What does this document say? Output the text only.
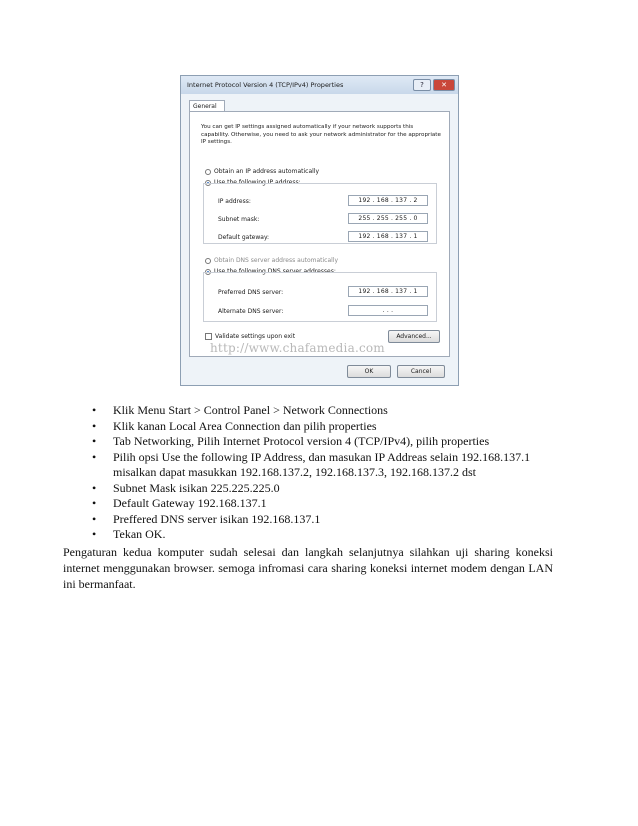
Internet Protocol Version 4 (TCP/IPv4) Properties	?	✕
General

You can get IP settings assigned automatically if your network supports this capability. Otherwise, you need to ask your network administrator for the appropriate IP settings.

Obtain an IP address automatically
Use the following IP address:
IP address:	192 . 168 . 137 . 2
Subnet mask:	255 . 255 . 255 . 0
Default gateway:	192 . 168 . 137 . 1
Obtain DNS server address automatically
Use the following DNS server addresses:
Preferred DNS server:	192 . 168 . 137 . 1
Alternate DNS server:	. . .
Validate settings upon exit	Advanced...
http://www.chafamedia.com
OK	Cancel
• Klik Menu Start > Control Panel > Network Connections
• Klik kanan Local Area Connection dan pilih properties
• Tab Networking, Pilih Internet Protocol version 4 (TCP/IPv4), pilih properties
• Pilih opsi Use the following IP Address, dan masukan IP Addreas selain 192.168.137.1 misalkan dapat masukkan 192.168.137.2, 192.168.137.3, 192.168.137.2 dst
• Subnet Mask isikan 225.225.225.0
• Default Gateway 192.168.137.1
• Preffered DNS server isikan 192.168.137.1
• Tekan OK.

Pengaturan kedua komputer sudah selesai dan langkah selanjutnya silahkan uji sharing koneksi internet menggunakan browser. semoga infromasi cara sharing koneksi internet modem dengan LAN ini bermanfaat.
